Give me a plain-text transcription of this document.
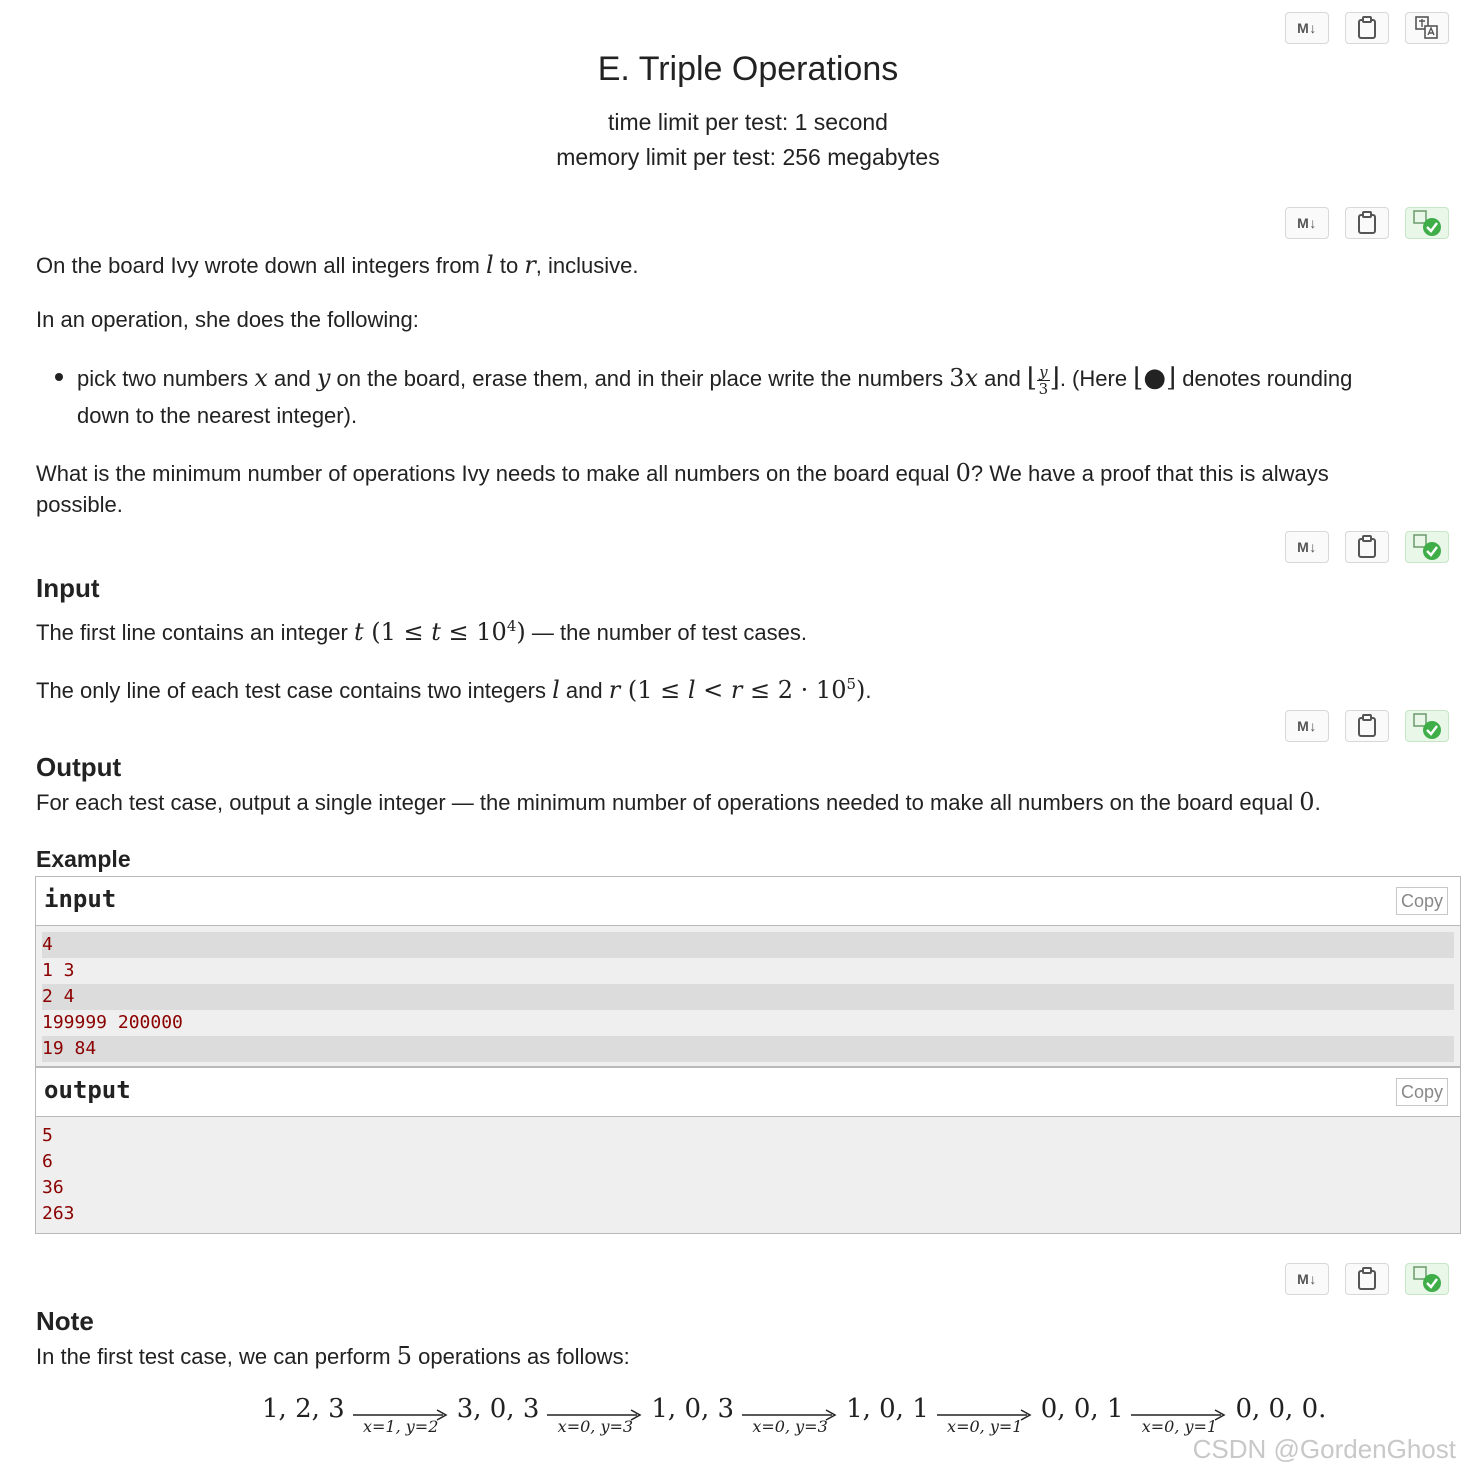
M↓
E. Triple Operations
time limit per test: 1 second
memory limit per test: 256 megabytes
M↓
On the board Ivy wrote down all integers from l to r, inclusive.
In an operation, she does the following:
pick two numbers x and y on the board, erase them, and in their place write the numbers 3x and ⌊ $\frac{y}{3}$ ⌋. (Here ⌊●⌋ denotes rounding
down to the nearest integer).
What is the minimum number of operations Ivy needs to make all numbers on the board equal 0? We have a proof that this is always
possible.
M↓
Input
The first line contains an integer t $(1 \le t \le 10^4)$ — the number of test cases.
The only line of each test case contains two integers l and r $(1 \le l < r \le 2 \cdot 10^5)$.
M↓
Output
For each test case, output a single integer — the minimum number of operations needed to make all numbers on the board equal 0.
Example
input	Copy
4
1 3
2 4
199999 200000
19 84
output	Copy
5
6
36
263
M↓
Note
In the first test case, we can perform 5 operations as follows:
1, 2, 3
x=1, y=2
3, 0, 3
x=0, y=3
1, 0, 3
x=0, y=3
1, 0, 1
x=0, y=1
0, 0, 1
x=0, y=1
0, 0, 0.
CSDN @GordenGhost
